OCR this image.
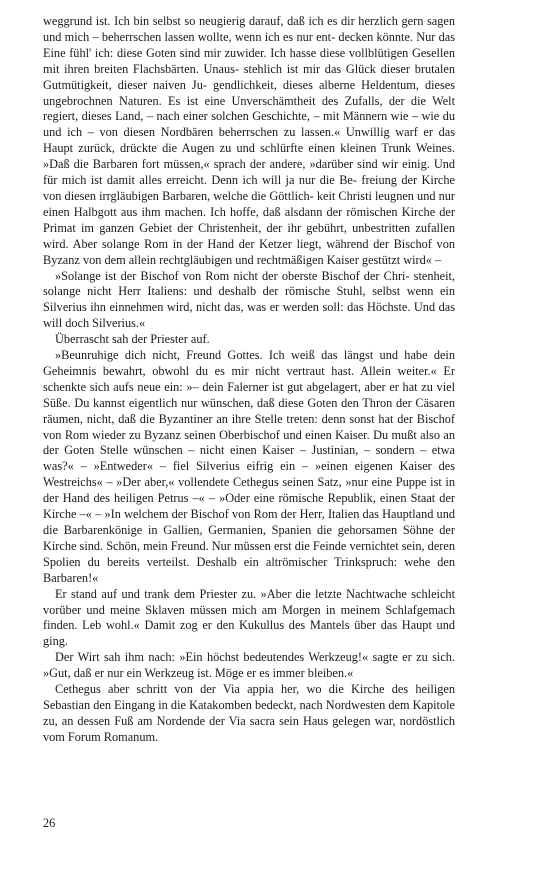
weggrund ist. Ich bin selbst so neugierig darauf, daß ich es dir herzlich gern sagen und mich – beherrschen lassen wollte, wenn ich es nur ent- decken könnte. Nur das Eine fühl' ich: diese Goten sind mir zuwider. Ich hasse diese vollblütigen Gesellen mit ihren breiten Flachsbärten. Unaus- stehlich ist mir das Glück dieser brutalen Gutmütigkeit, dieser naiven Ju- gendlichkeit, dieses alberne Heldentum, dieses ungebrochnen Naturen. Es ist eine Unverschämtheit des Zufalls, der die Welt regiert, dieses Land, – nach einer solchen Geschichte, – mit Männern wie – wie du und ich – von diesen Nordbären beherrschen zu lassen.« Unwillig warf er das Haupt zurück, drückte die Augen zu und schlürfte einen kleinen Trunk Weines. »Daß die Barbaren fort müssen,« sprach der andere, »darüber sind wir einig. Und für mich ist damit alles erreicht. Denn ich will ja nur die Be- freiung der Kirche von diesen irrgläubigen Barbaren, welche die Göttlich- keit Christi leugnen und nur einen Halbgott aus ihm machen. Ich hoffe, daß alsdann der römischen Kirche der Primat im ganzen Gebiet der Christenheit, der ihr gebührt, unbestritten zufallen wird. Aber solange Rom in der Hand der Ketzer liegt, während der Bischof von Byzanz von dem allein rechtgläubigen und rechtmäßigen Kaiser gestützt wird« –

»Solange ist der Bischof von Rom nicht der oberste Bischof der Chri- stenheit, solange nicht Herr Italiens: und deshalb der römische Stuhl, selbst wenn ein Silverius ihn einnehmen wird, nicht das, was er werden soll: das Höchste. Und das will doch Silverius.«

Überrascht sah der Priester auf.

»Beunruhige dich nicht, Freund Gottes. Ich weiß das längst und habe dein Geheimnis bewahrt, obwohl du es mir nicht vertraut hast. Allein weiter.« Er schenkte sich aufs neue ein: »– dein Falerner ist gut abgelagert, aber er hat zu viel Süße. Du kannst eigentlich nur wünschen, daß diese Goten den Thron der Cäsaren räumen, nicht, daß die Byzantiner an ihre Stelle treten: denn sonst hat der Bischof von Rom wieder zu Byzanz seinen Oberbischof und einen Kaiser. Du mußt also an der Goten Stelle wünschen – nicht einen Kaiser – Justinian, – sondern – etwa was?« – »Entweder« – fiel Silverius eifrig ein – »einen eigenen Kaiser des Westreichs« – »Der aber,« vollendete Cethegus seinen Satz, »nur eine Puppe ist in der Hand des heiligen Petrus –« – »Oder eine römische Republik, einen Staat der Kirche –« – »In welchem der Bischof von Rom der Herr, Italien das Hauptland und die Barbarenkönige in Gallien, Germanien, Spanien die gehorsamen Söhne der Kirche sind. Schön, mein Freund. Nur müssen erst die Feinde vernichtet sein, deren Spolien du bereits verteilst. Deshalb ein altrömischer Trinkspruch: wehe den Barbaren!«

Er stand auf und trank dem Priester zu. »Aber die letzte Nachtwache schleicht vorüber und meine Sklaven müssen mich am Morgen in meinem Schlafgemach finden. Leb wohl.« Damit zog er den Kukullus des Mantels über das Haupt und ging.

Der Wirt sah ihm nach: »Ein höchst bedeutendes Werkzeug!« sagte er zu sich. »Gut, daß er nur ein Werkzeug ist. Möge er es immer bleiben.«

Cethegus aber schritt von der Via appia her, wo die Kirche des heiligen Sebastian den Eingang in die Katakomben bedeckt, nach Nordwesten dem Kapitole zu, an dessen Fuß am Nordende der Via sacra sein Haus gelegen war, nordöstlich vom Forum Romanum.

26
